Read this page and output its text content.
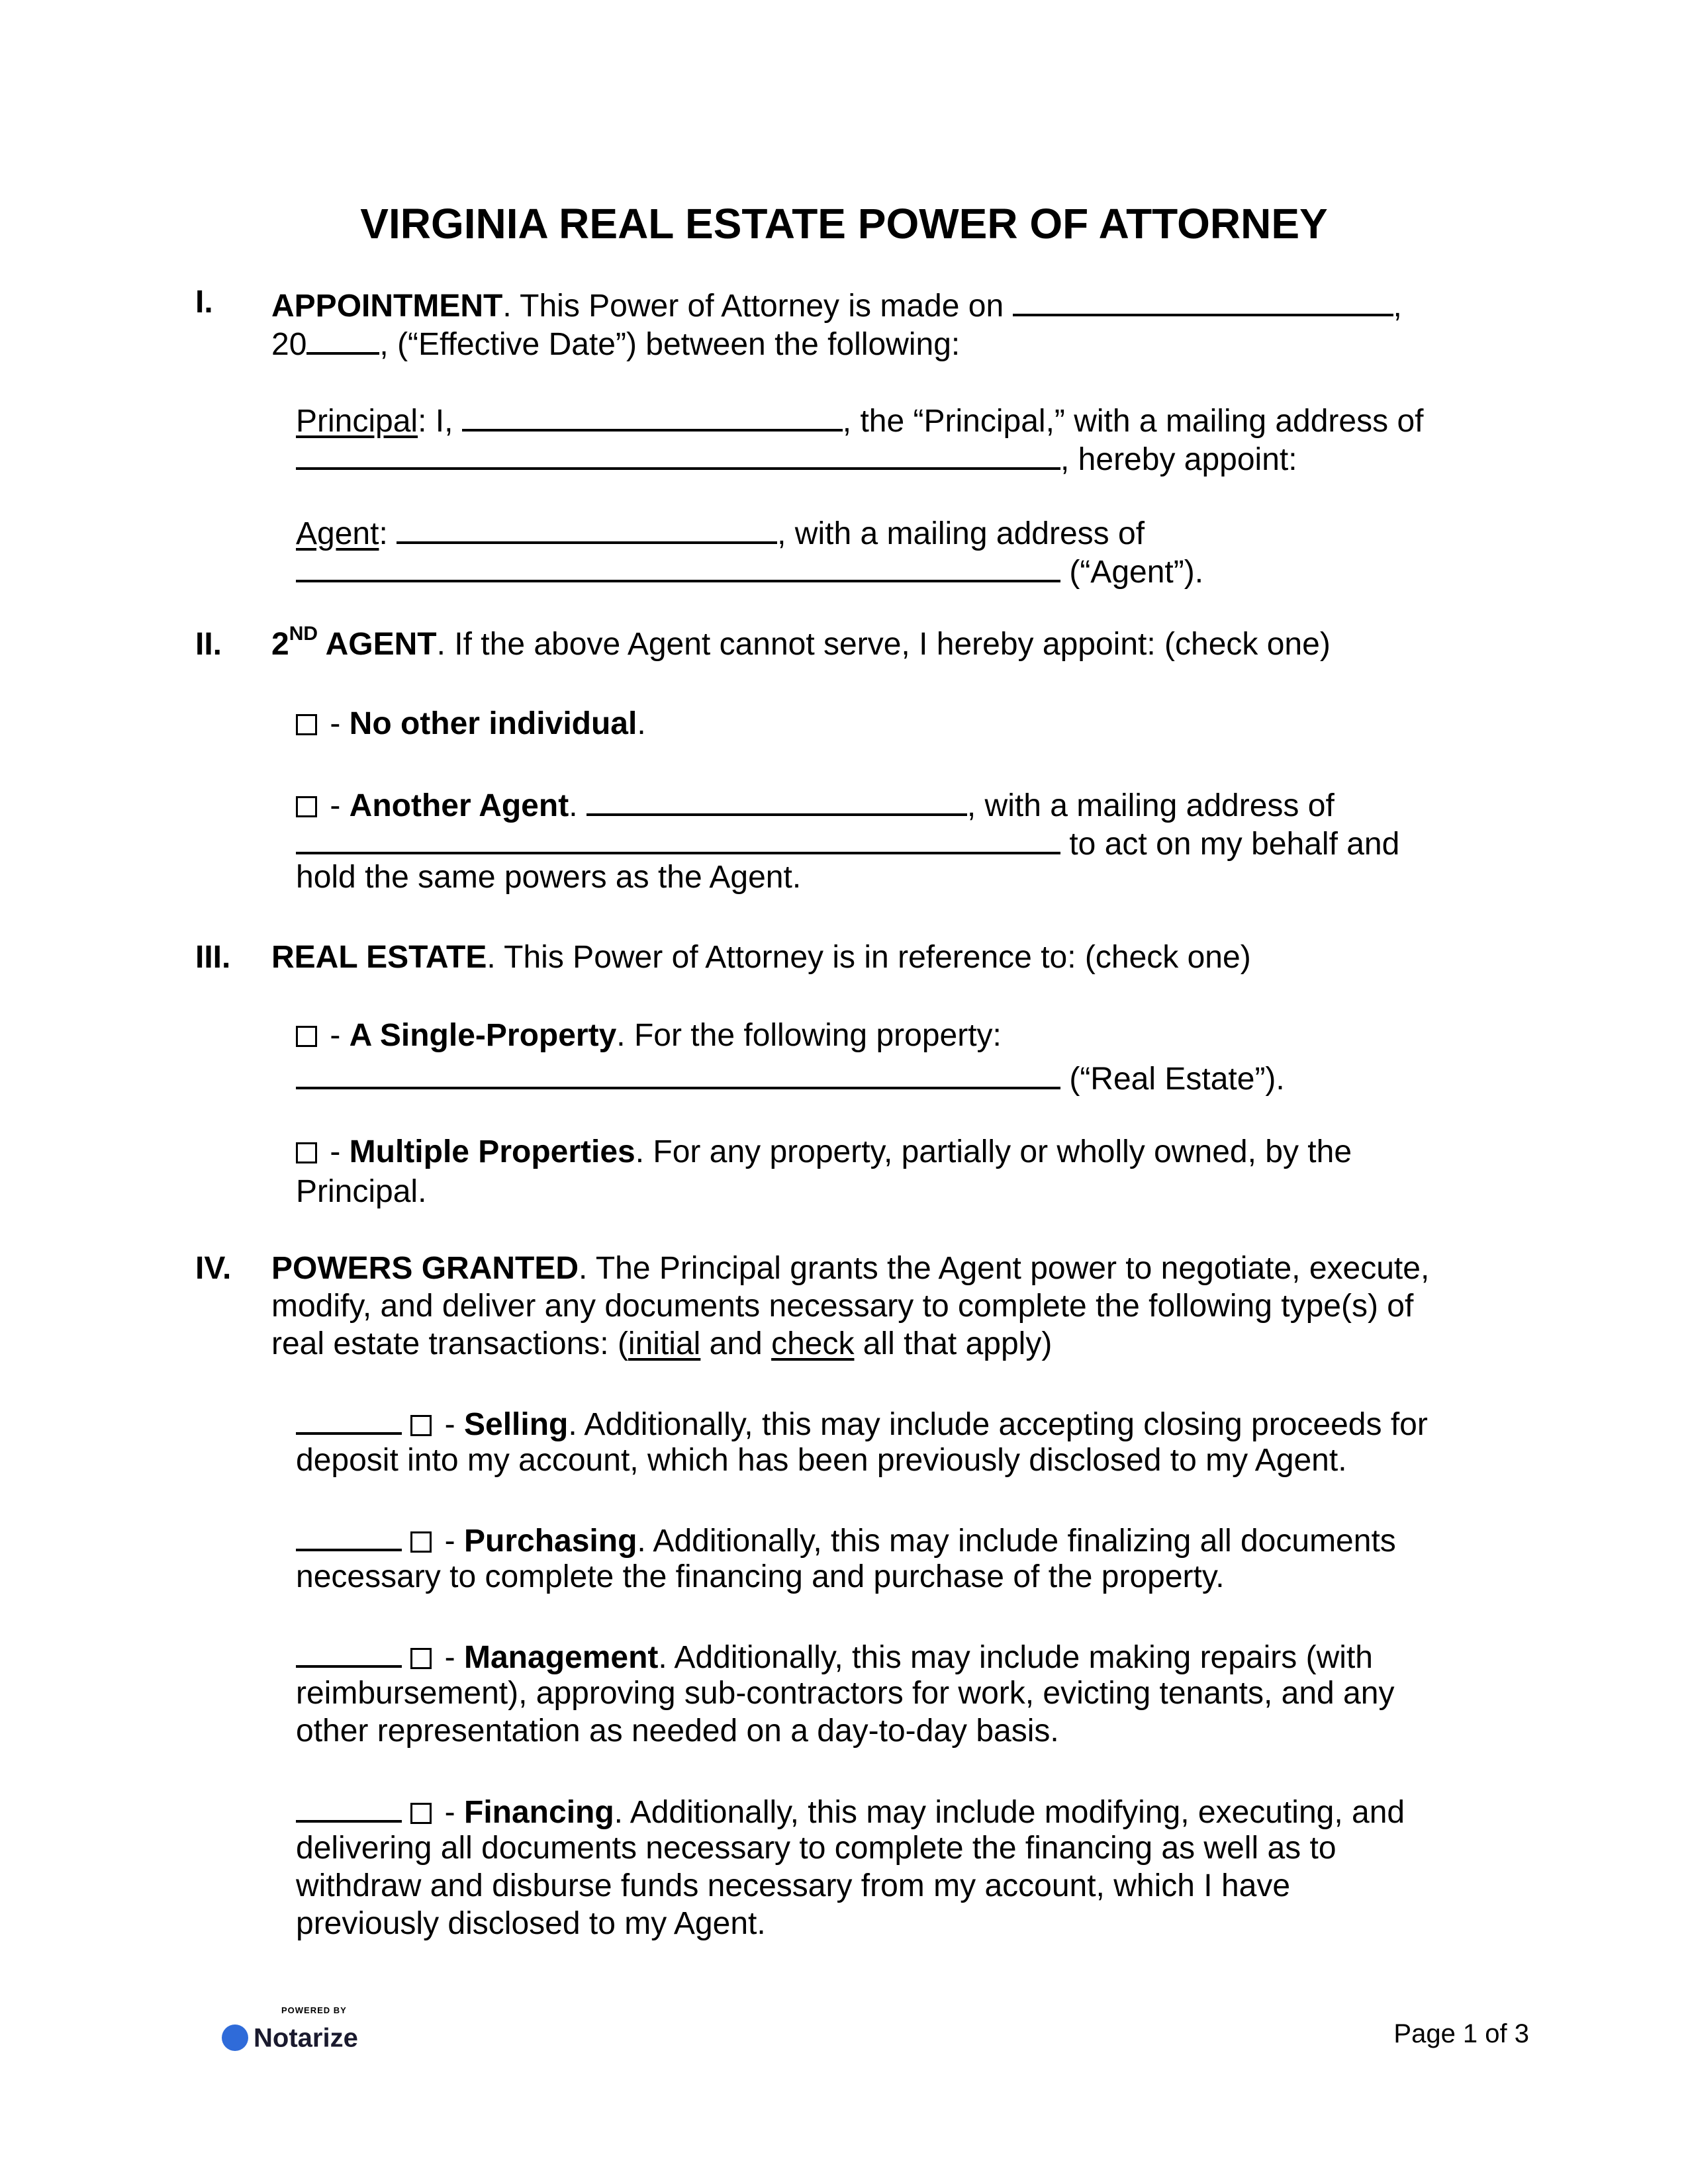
VIRGINIA REAL ESTATE POWER OF ATTORNEY
I. APPOINTMENT. This Power of Attorney is made on	,
20 , (“Effective Date”) between the following:
Principal: I,	, the “Principal,” with a mailing address of
, hereby appoint:
Agent:	, with a mailing address of
(“Agent”).
II. 2ND AGENT. If the above Agent cannot serve, I hereby appoint: (check one)
- No other individual.
- Another Agent.	, with a mailing address of
to act on my behalf and
hold the same powers as the Agent.
III. REAL ESTATE. This Power of Attorney is in reference to: (check one)
- A Single-Property. For the following property:
(“Real Estate”).
- Multiple Properties. For any property, partially or wholly owned, by the
Principal.
IV. POWERS GRANTED. The Principal grants the Agent power to negotiate, execute,
modify, and deliver any documents necessary to complete the following type(s) of
real estate transactions: (initial and check all that apply)
- Selling. Additionally, this may include accepting closing proceeds for
deposit into my account, which has been previously disclosed to my Agent.
- Purchasing. Additionally, this may include finalizing all documents
necessary to complete the financing and purchase of the property.
- Management. Additionally, this may include making repairs (with
reimbursement), approving sub-contractors for work, evicting tenants, and any
other representation as needed on a day-to-day basis.
- Financing. Additionally, this may include modifying, executing, and
delivering all documents necessary to complete the financing as well as to
withdraw and disburse funds necessary from my account, which I have
previously disclosed to my Agent.
POWERED BY
Notarize	Page 1 of 3
